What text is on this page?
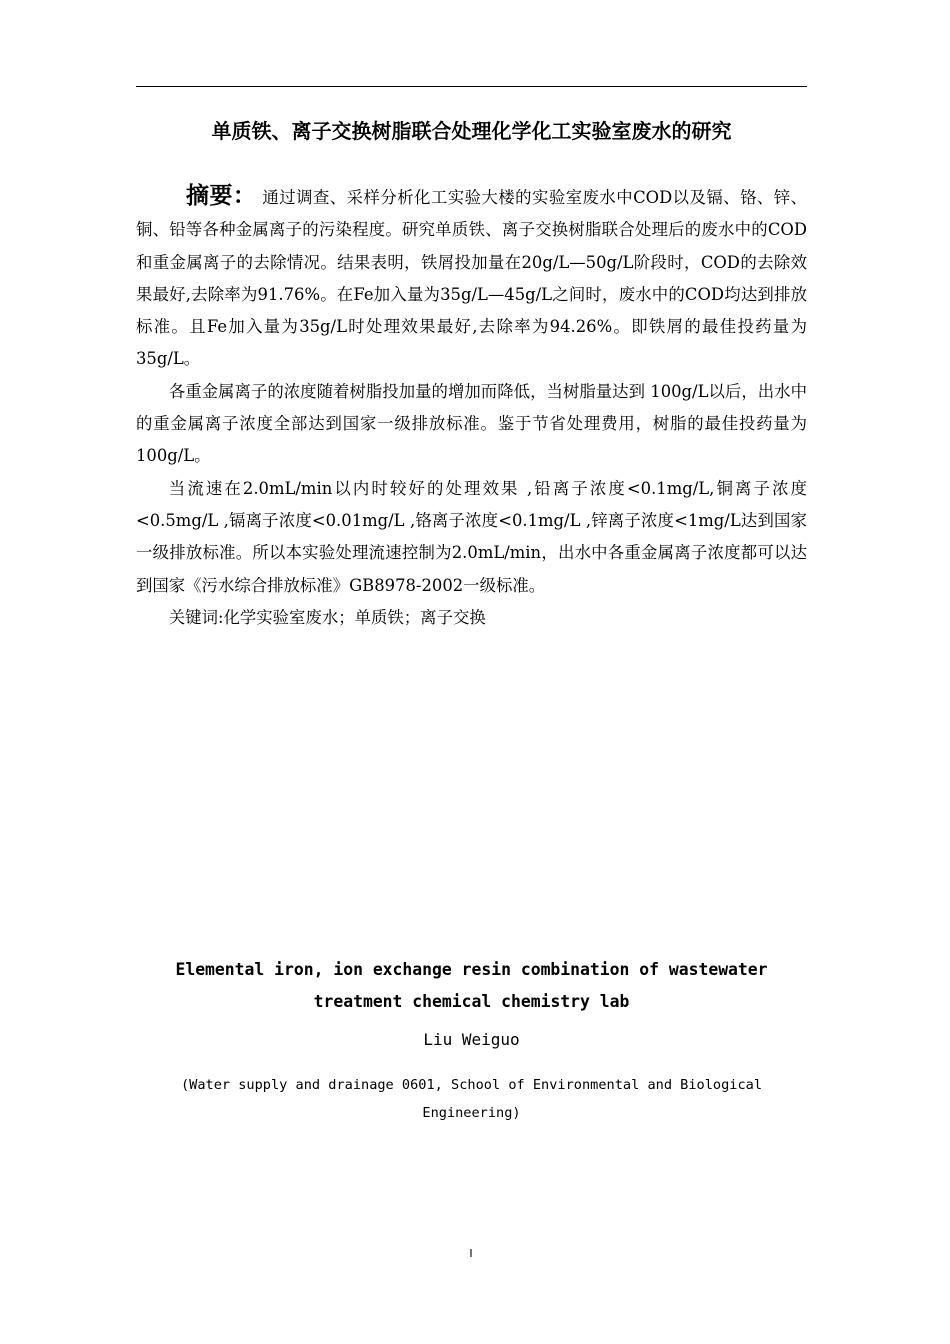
单质铁、离子交换树脂联合处理化学化工实验室废水的研究

摘要： 通过调查、采样分析化工实验大楼的实验室废水中COD以及镉、铬、锌、铜、铅等各种金属离子的污染程度。研究单质铁、离子交换树脂联合处理后的废水中的COD和重金属离子的去除情况。结果表明，铁屑投加量在20g/L—50g/L阶段时，COD的去除效果最好,去除率为91.76%。在Fe加入量为35g/L—45g/L之间时，废水中的COD均达到排放标准。且Fe加入量为35g/L时处理效果最好,去除率为94.26%。即铁屑的最佳投药量为35g/L。

各重金属离子的浓度随着树脂投加量的增加而降低，当树脂量达到 100g/L以后，出水中的重金属离子浓度全部达到国家一级排放标准。鉴于节省处理费用，树脂的最佳投药量为100g/L。

当流速在2.0mL/min以内时较好的处理效果 ,铅离子浓度<0.1mg/L,铜离子浓度<0.5mg/L ,镉离子浓度<0.01mg/L ,铬离子浓度<0.1mg/L ,锌离子浓度<1mg/L达到国家一级排放标准。所以本实验处理流速控制为2.0mL/min，出水中各重金属离子浓度都可以达到国家《污水综合排放标准》GB8978-2002一级标准。

关键词:化学实验室废水；单质铁；离子交换

Elemental iron, ion exchange resin combination of wastewater treatment chemical chemistry lab
Liu Weiguo
(Water supply and drainage 0601, School of Environmental and Biological Engineering)
I
